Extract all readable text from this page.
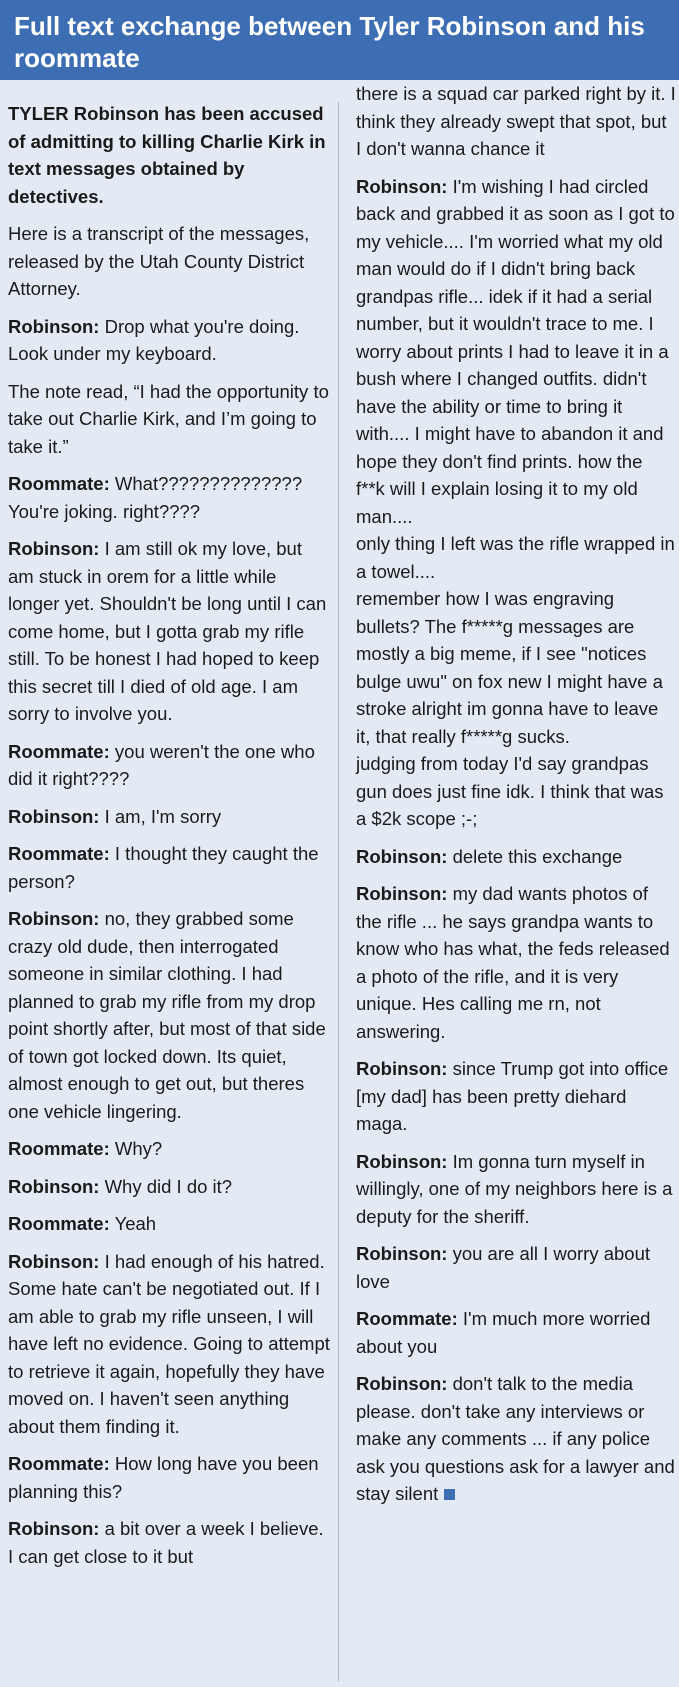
Full text exchange between Tyler Robinson and his roommate

TYLER Robinson has been accused of admitting to killing Charlie Kirk in text messages obtained by detectives.

Here is a transcript of the messages, released by the Utah County District Attorney.

Robinson: Drop what you're doing. Look under my keyboard.

The note read, “I had the opportunity to take out Charlie Kirk, and I’m going to take it.”

Roommate: What?????????????? You're joking. right????

Robinson: I am still ok my love, but am stuck in orem for a little while longer yet. Shouldn't be long until I can come home, but I gotta grab my rifle still. To be honest I had hoped to keep this secret till I died of old age. I am sorry to involve you.

Roommate: you weren't the one who did it right????

Robinson: I am, I'm sorry

Roommate: I thought they caught the person?

Robinson: no, they grabbed some crazy old dude, then interrogated someone in similar clothing. I had planned to grab my rifle from my drop point shortly after, but most of that side of town got locked down. Its quiet, almost enough to get out, but theres one vehicle lingering.

Roommate: Why?

Robinson: Why did I do it?

Roommate: Yeah

Robinson: I had enough of his hatred. Some hate can't be negotiated out. If I am able to grab my rifle unseen, I will have left no evidence. Going to attempt to retrieve it again, hopefully they have moved on. I haven't seen anything about them finding it.

Roommate: How long have you been planning this?

Robinson: a bit over a week I believe. I can get close to it but

there is a squad car parked right by it. I think they already swept that spot, but I don't wanna chance it

Robinson: I'm wishing I had circled back and grabbed it as soon as I got to my vehicle.... I'm worried what my old man would do if I didn't bring back grandpas rifle... idek if it had a serial number, but it wouldn't trace to me. I worry about prints I had to leave it in a bush where I changed outfits. didn't have the ability or time to bring it with.... I might have to abandon it and hope they don't find prints. how the f**k will I explain losing it to my old man....
only thing I left was the rifle wrapped in a towel....
remember how I was engraving bullets? The f*****g messages are mostly a big meme, if I see "notices bulge uwu" on fox new I might have a stroke alright im gonna have to leave it, that really f*****g sucks.
judging from today I'd say grandpas gun does just fine idk. I think that was a $2k scope ;-;

Robinson: delete this exchange

Robinson: my dad wants photos of the rifle ... he says grandpa wants to know who has what, the feds released a photo of the rifle, and it is very unique. Hes calling me rn, not answering.

Robinson: since Trump got into office [my dad] has been pretty diehard maga.

Robinson: Im gonna turn myself in willingly, one of my neighbors here is a deputy for the sheriff.

Robinson: you are all I worry about love

Roommate: I'm much more worried about you

Robinson: don't talk to the media please. don't take any interviews or make any comments ... if any police ask you questions ask for a lawyer and stay silent
